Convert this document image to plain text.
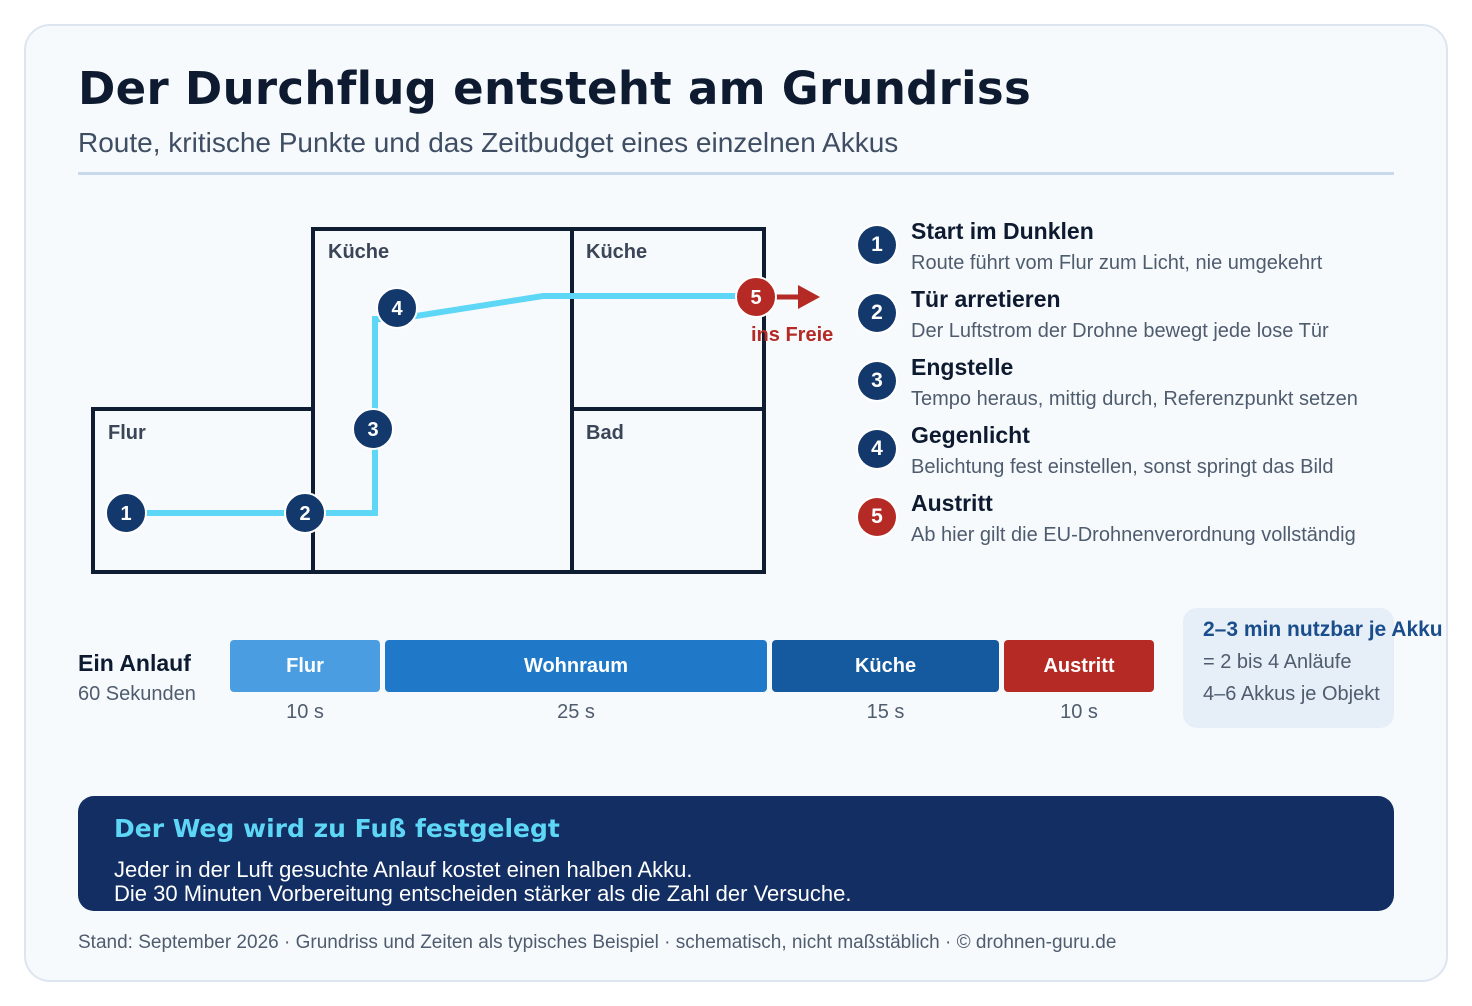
Der Durchflug entsteht am Grundriss
Route, kritische Punkte und das Zeitbudget eines einzelnen Akkus
Küche	Küche
Flur	Bad
ins Freie
1	2
3
4	5
1
Start im Dunklen
Route führt vom Flur zum Licht, nie umgekehrt
2
Tür arretieren
Der Luftstrom der Drohne bewegt jede lose Tür
3
Engstelle
Tempo heraus, mittig durch, Referenzpunkt setzen
4
Gegenlicht
Belichtung fest einstellen, sonst springt das Bild
5
Austritt
Ab hier gilt die EU-Drohnenverordnung vollständig
Ein Anlauf
60 Sekunden
Flur	Wohnraum	Küche	Austritt
10 s	25 s	15 s	10 s
2–3 min nutzbar je Akku
= 2 bis 4 Anläufe
4–6 Akkus je Objekt
Der Weg wird zu Fuß festgelegt
Jeder in der Luft gesuchte Anlauf kostet einen halben Akku.
Die 30 Minuten Vorbereitung entscheiden stärker als die Zahl der Versuche.
Stand: September 2026 · Grundriss und Zeiten als typisches Beispiel · schematisch, nicht maßstäblich · © drohnen-guru.de
